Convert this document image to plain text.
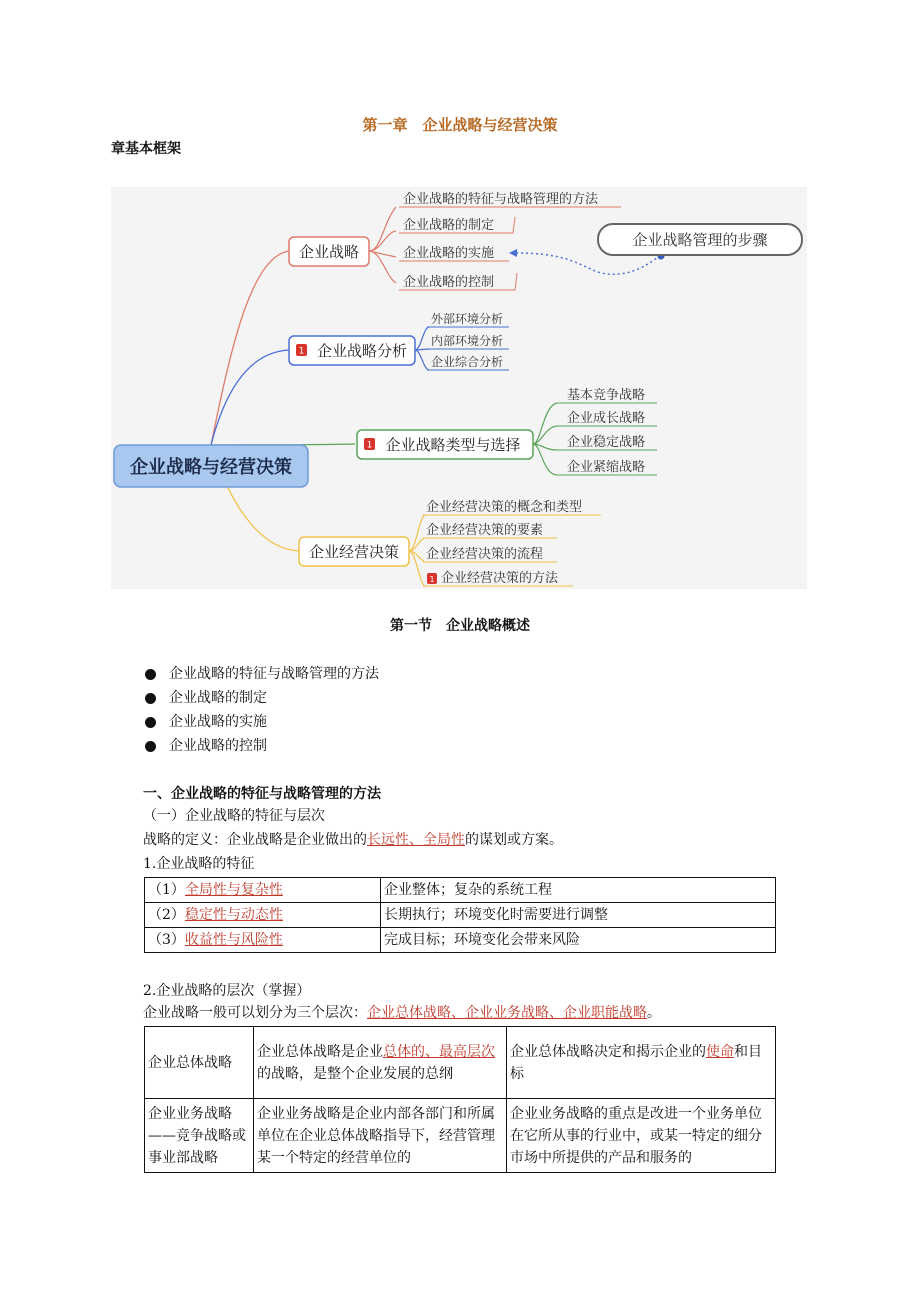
第一章　企业战略与经营决策
章基本框架
企业战略
企业战略的特征与战略管理的方法
企业战略的制定
企业战略的实施
企业战略的控制
企业战略管理的步骤
1 企业战略分析
外部环境分析
内部环境分析
企业综合分析
1 企业战略类型与选择
基本竞争战略
企业成长战略
企业稳定战略
企业紧缩战略
企业经营决策
企业经营决策的概念和类型
企业经营决策的要素
企业经营决策的流程
1 企业经营决策的方法
企业战略与经营决策
第一节　企业战略概述
企业战略的特征与战略管理的方法
企业战略的制定
企业战略的实施
企业战略的控制
一、企业战略的特征与战略管理的方法
（一）企业战略的特征与层次
战略的定义：企业战略是企业做出的长远性、全局性的谋划或方案。
1.企业战略的特征
（1）全局性与复杂性	企业整体；复杂的系统工程
（2）稳定性与动态性	长期执行；环境变化时需要进行调整
（3）收益性与风险性	完成目标；环境变化会带来风险
2.企业战略的层次（掌握）
企业战略一般可以划分为三个层次：企业总体战略、企业业务战略、企业职能战略。
企业总体战略	企业总体战略是企业总体的、最高层次的战略，是整个企业发展的总纲	企业总体战略决定和揭示企业的使命和目标
企业业务战略——竞争战略或事业部战略	企业业务战略是企业内部各部门和所属单位在企业总体战略指导下，经营管理某一个特定的经营单位的	企业业务战略的重点是改进一个业务单位在它所从事的行业中，或某一特定的细分市场中所提供的产品和服务的
